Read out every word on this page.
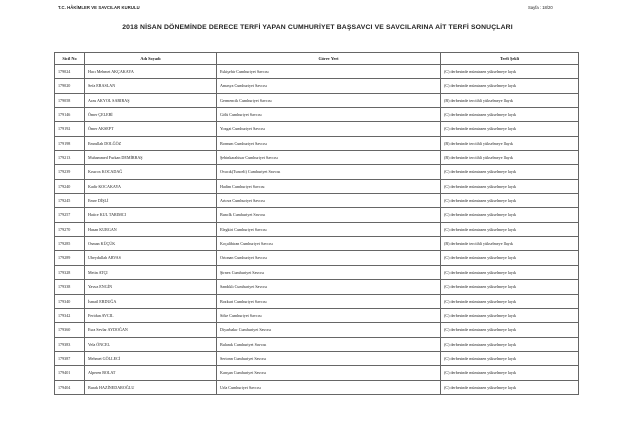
T.C. HÂKİMLER VE SAVCILAR KURULU	Sayfa : 18/20
2018 NİSAN DÖNEMİNDE DERECE TERFİ YAPAN CUMHURİYET BAŞSAVCI VE SAVCILARINA AİT TERFİ SONUÇLARI
Sicil No	Adı Soyadı	Görev Yeri	Terfi Şekli
179024	Hacı Mehmet AKÇAKAYA	Eskişehir Cumhuriyet Savcısı	(C) derbesinde mümtazen yükselmeye layık
179020	Sefa ERASLAN	Amasya Cumhuriyet Savcısı	(C) derbesinde mümtazen yükselmeye layık
179058	Arzu AKYOL SABIRAŞ	Germencik Cumhuriyet Savcısı	(B) derbesinde terciihli yükselmeye llayık
179146	Ömer ÇELEBİ	Gölü Cumhuriyet Savcısı	(C) derbesinde mümtazen yükselmeye layık
179192	Ömer AKSEPT	Yozgat Cumhuriyet Savcısı	(C) derbesinde mümtazen yükselmeye layık
179198	Emrullah DOLĞÖZ	Bornum Cumhuriyet Savcısı	(B) derbesinde terciihli yükselmeye llayık
179213	Muhammed Furkan DEMİRBAŞ	Şebinkarahisar Cumhuriyet Savcısı	(B) derbesinde terciihli yükselmeye llayık
179239	Kıssrox KOCADAĞ	Ovacık(Tunceli) Cumhuriyet Savcısı	(C) derbesinde mümtazen yükselmeye layık
179240	Kadir KOCAKAYA	Hadim Cumhuriyet Savcısı	(C) derbesinde mümtazen yükselmeye layık
179245	Emre DİŞLİ	Artova Cumhuriyet Savcısı	(C) derbesinde mümtazen yükselmeye layık
179257	Hatice KUL TARIMCI	Bunclk Cumhuriyet Savcısı	(C) derbesinde mümtazen yükselmeye layık
179270	Hasan KURGAN	Elegkirt Cumhuriyet Savcısı	(C) derbesinde mümtazen yükselmeye layık
179285	Osman KÜÇÜK	Koçalibiran Cumhuriyet Savcısı	(B) derbesinde terciihli yükselmeye llayık
179289	Ubeydullah ARVAS	Ortonan Cumhuriyet Savcısı	(C) derbesinde mümtazen yükselmeye layık
179328	Metin ATÇI	Şirnex Cumhuriyet Savcısı	(C) derbesinde mümtazen yükselmeye layık
179338	Yavuz ENGİN	Sandıklı Cumhuriyet Savcısı	(C) derbesinde mümtazen yükselmeye layık
179340	İsmail ERDUĞA	Bozkurt Cumhuriyet Savcısı	(C) derbesinde mümtazen yükselmeye layık
179342	Feridun AVCIL	Söke Cumhuriyet Savcısı	(C) derbesinde mümtazen yükselmeye layık
179360	Esra Sevlar AYDOĞAN	Diyarbakır Cumhuriyet Savcısı	(C) derbesinde mümtazen yükselmeye layık
179383	Vela ÖNCEL	Bulanık Cumhuriyet Savcısı	(C) derbesinde mümtazen yükselmeye layık
179387	Mehmet GÖLLECİ	Sertonn Cumhuriyet Savcısı	(C) derbesinde mümtazen yükselmeye layık
179401	Alperen BOLAT	Karışan Cumhuriyet Savcısı	(C) derbesinde mümtazen yükselmeye layık
179404	Burak HAZİNEDAROĞLU	Urla Cumhuriyet Savcısı	(C) derbesinde mümtazen yükselmeye layık
